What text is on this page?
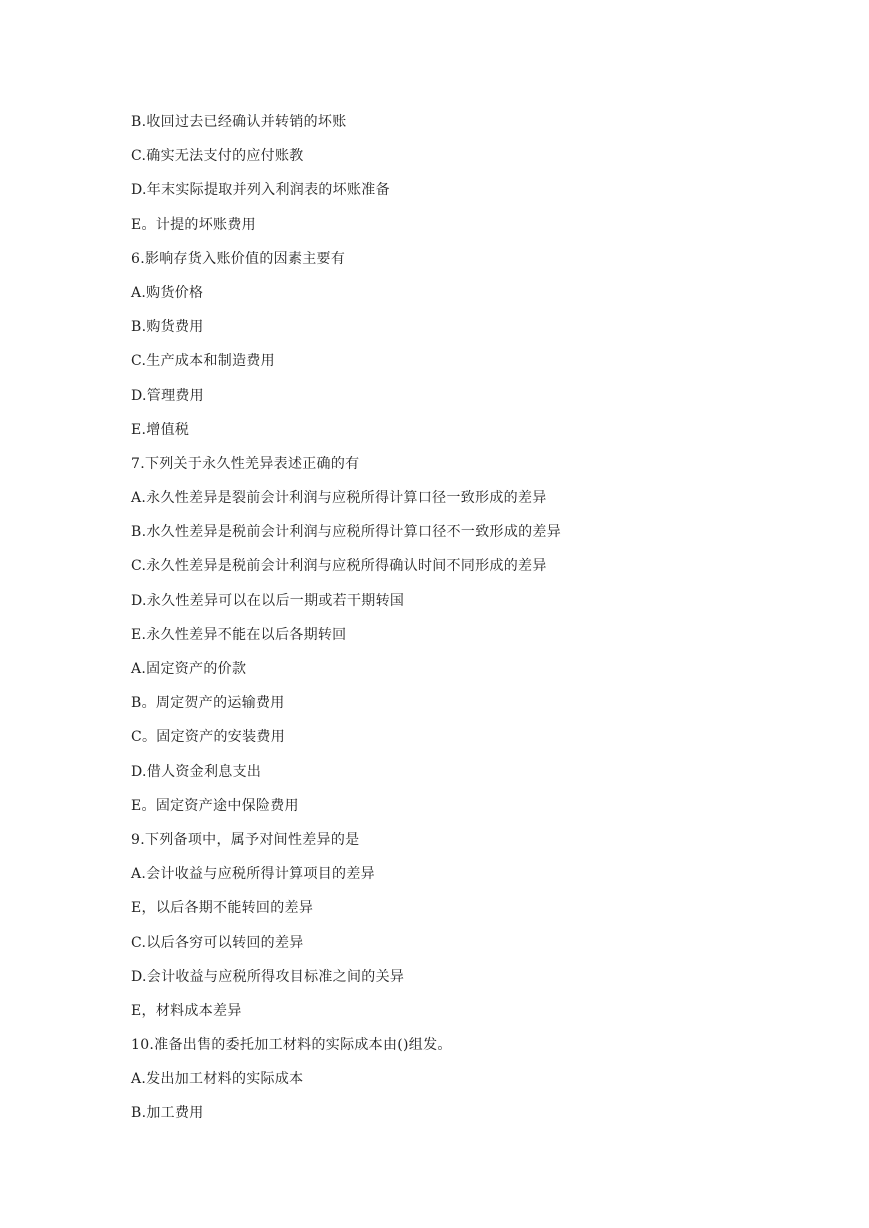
B.收回过去已经确认并转销的坏账
C.确实无法支付的应付账教
D.年末实际提取并列入利润表的坏账准备
E。计提的坏账费用
6.影响存货入账价值的因素主要有
A.购货价格
B.购货费用
C.生产成本和制造费用
D.管理费用
E.增值税
7.下列关于永久性羌异表述正确的有
A.永久性差异是裂前会计利润与应税所得计算口径一致形成的差异
B.水久性差异是税前会计利润与应税所得计算口径不一致形成的差异
C.永久性差异是税前会计利润与应税所得确认时间不同形成的差异
D.永久性差异可以在以后一期或若干期转国
E.永久性差异不能在以后各期转回
A.固定资产的价款
B。周定贺产的运输费用
C。固定资产的安装费用
D.借人资金利息支出
E。固定资产途中保险费用
9.下列备项中，属予对间性差异的是
A.会计收益与应税所得计算项目的差异
E，以后各期不能转回的差异
C.以后各穷可以转回的差异
D.会计收益与应税所得攻目标准之间的关异
E，材料成本差异
10.准备出售的委托加工材料的实际成本由()组发。
A.发出加工材料的实际成本
B.加工费用
